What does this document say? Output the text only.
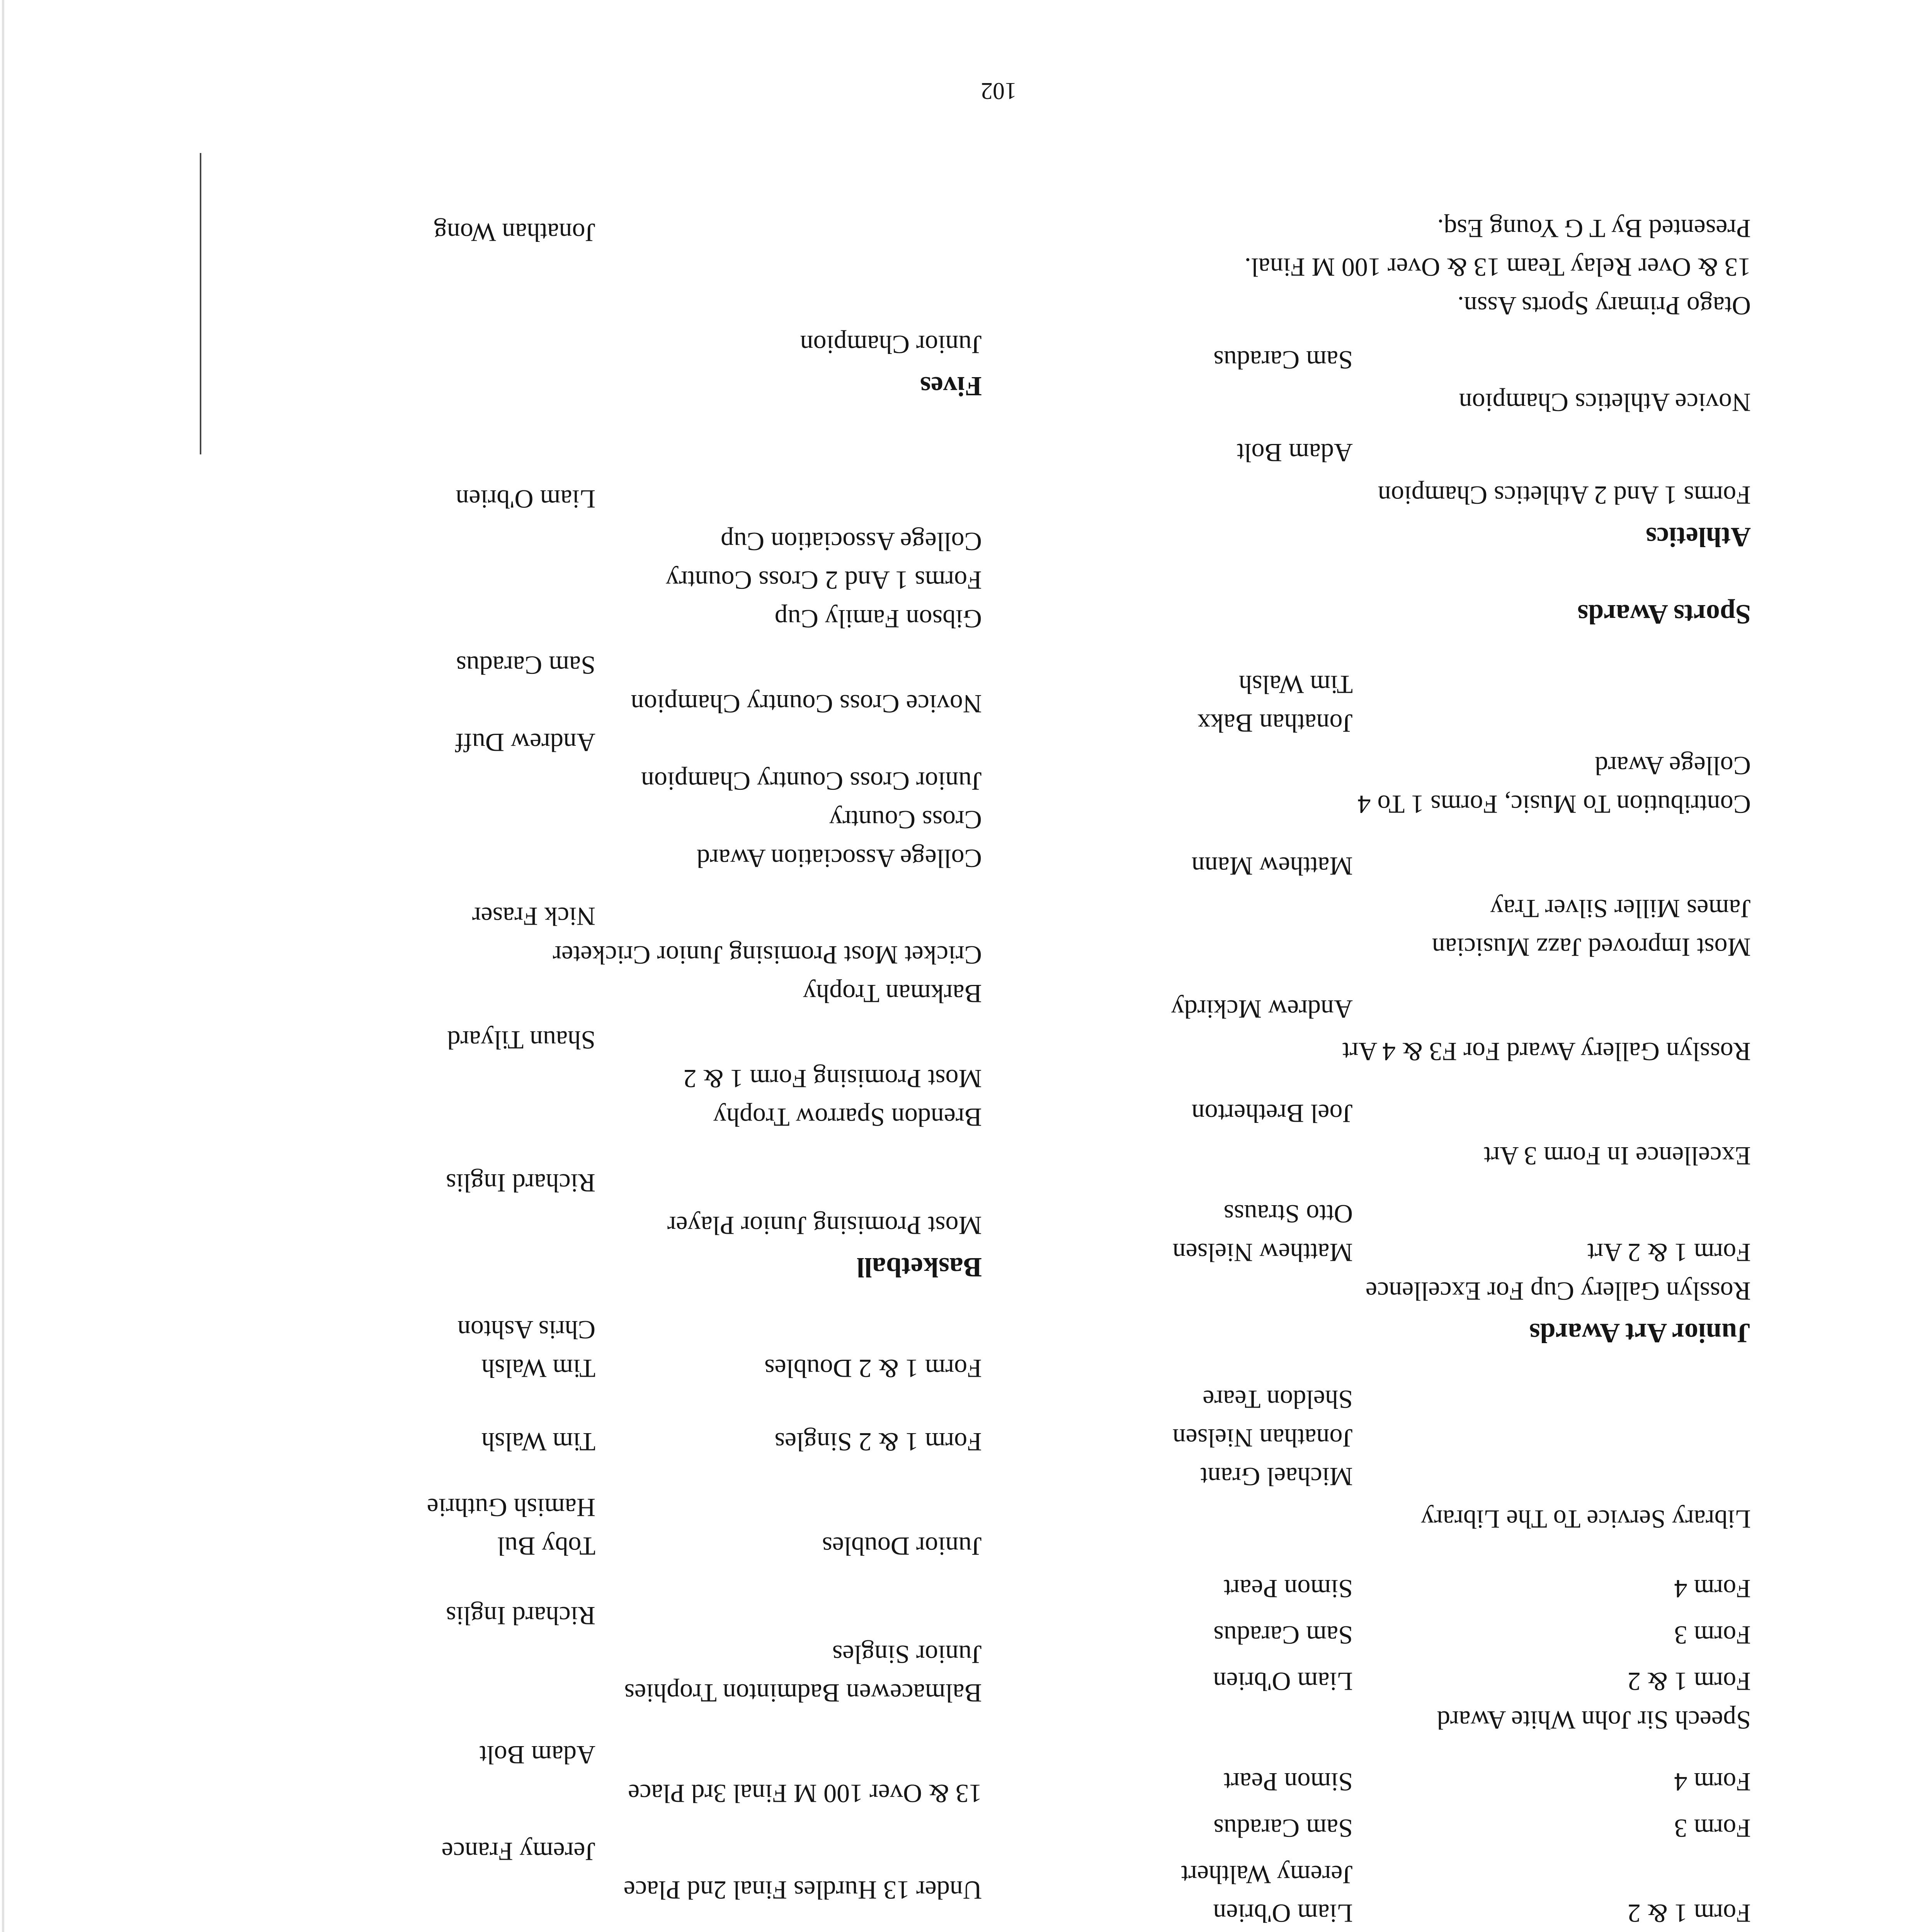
Form 1 & 2
Liam O'brien
Jeremy Walthert
Form 3
Sam Caradus
Form 4
Simon Peart
Speech Sir John White Award
Form 1 & 2
Liam O'brien
Form 3
Sam Caradus
Form 4
Simon Peart
Library Service To The Library
Michael Grant
Jonathan Nielsen
Sheldon Teare
Junior Art Awards
Rosslyn Gallery Cup For Excellence
Form 1 & 2 Art
Matthew Nielsen
Otto Strauss
Excellence In Form 3 Art
Joel Bretherton
Rosslyn Gallery Award For F3 & 4 Art
Andrew Mckirdy
Most Improved Jazz Musician
James Miller Silver Tray
Matthew Mann
Contribution To Music, Forms 1 To 4
College Award
Jonathan Bakx
Tim Walsh
Sports Awards
Athletics
Forms 1 And 2 Athletics Champion
Adam Bolt
Novice Athletics Champion
Sam Caradus
Otago Primary Sports Assn.
13 & Over Relay Team 13 & Over 100 M Final.
Presented By T G Young Esq.
Under 13 Hurdles Final 2nd Place
Jeremy France
13 & Over 100 M Final 3rd Place
Adam Bolt
Balmacewen Badminton Trophies
Junior Singles
Richard Inglis
Junior Doubles
Toby Bul
Hamish Guthrie
Form 1 & 2 Singles
Tim Walsh
Form 1 & 2 Doubles
Tim Walsh
Chris Ashton
Basketball
Most Promising Junior Player
Richard Inglis
Brendon Sparrow Trophy
Most Promising Form 1 & 2
Shaun Tilyard
Barkman Trophy
Cricket Most Promising Junior Cricketer
Nick Fraser
College Association Award
Cross Country
Junior Cross Country Champion
Andrew Duff
Novice Cross Country Champion
Sam Caradus
Gibson Family Cup
Forms 1 And 2 Cross Country
College Association Cup
Liam O'brien
Fives
Junior Champion
Jonathan Wong
102
